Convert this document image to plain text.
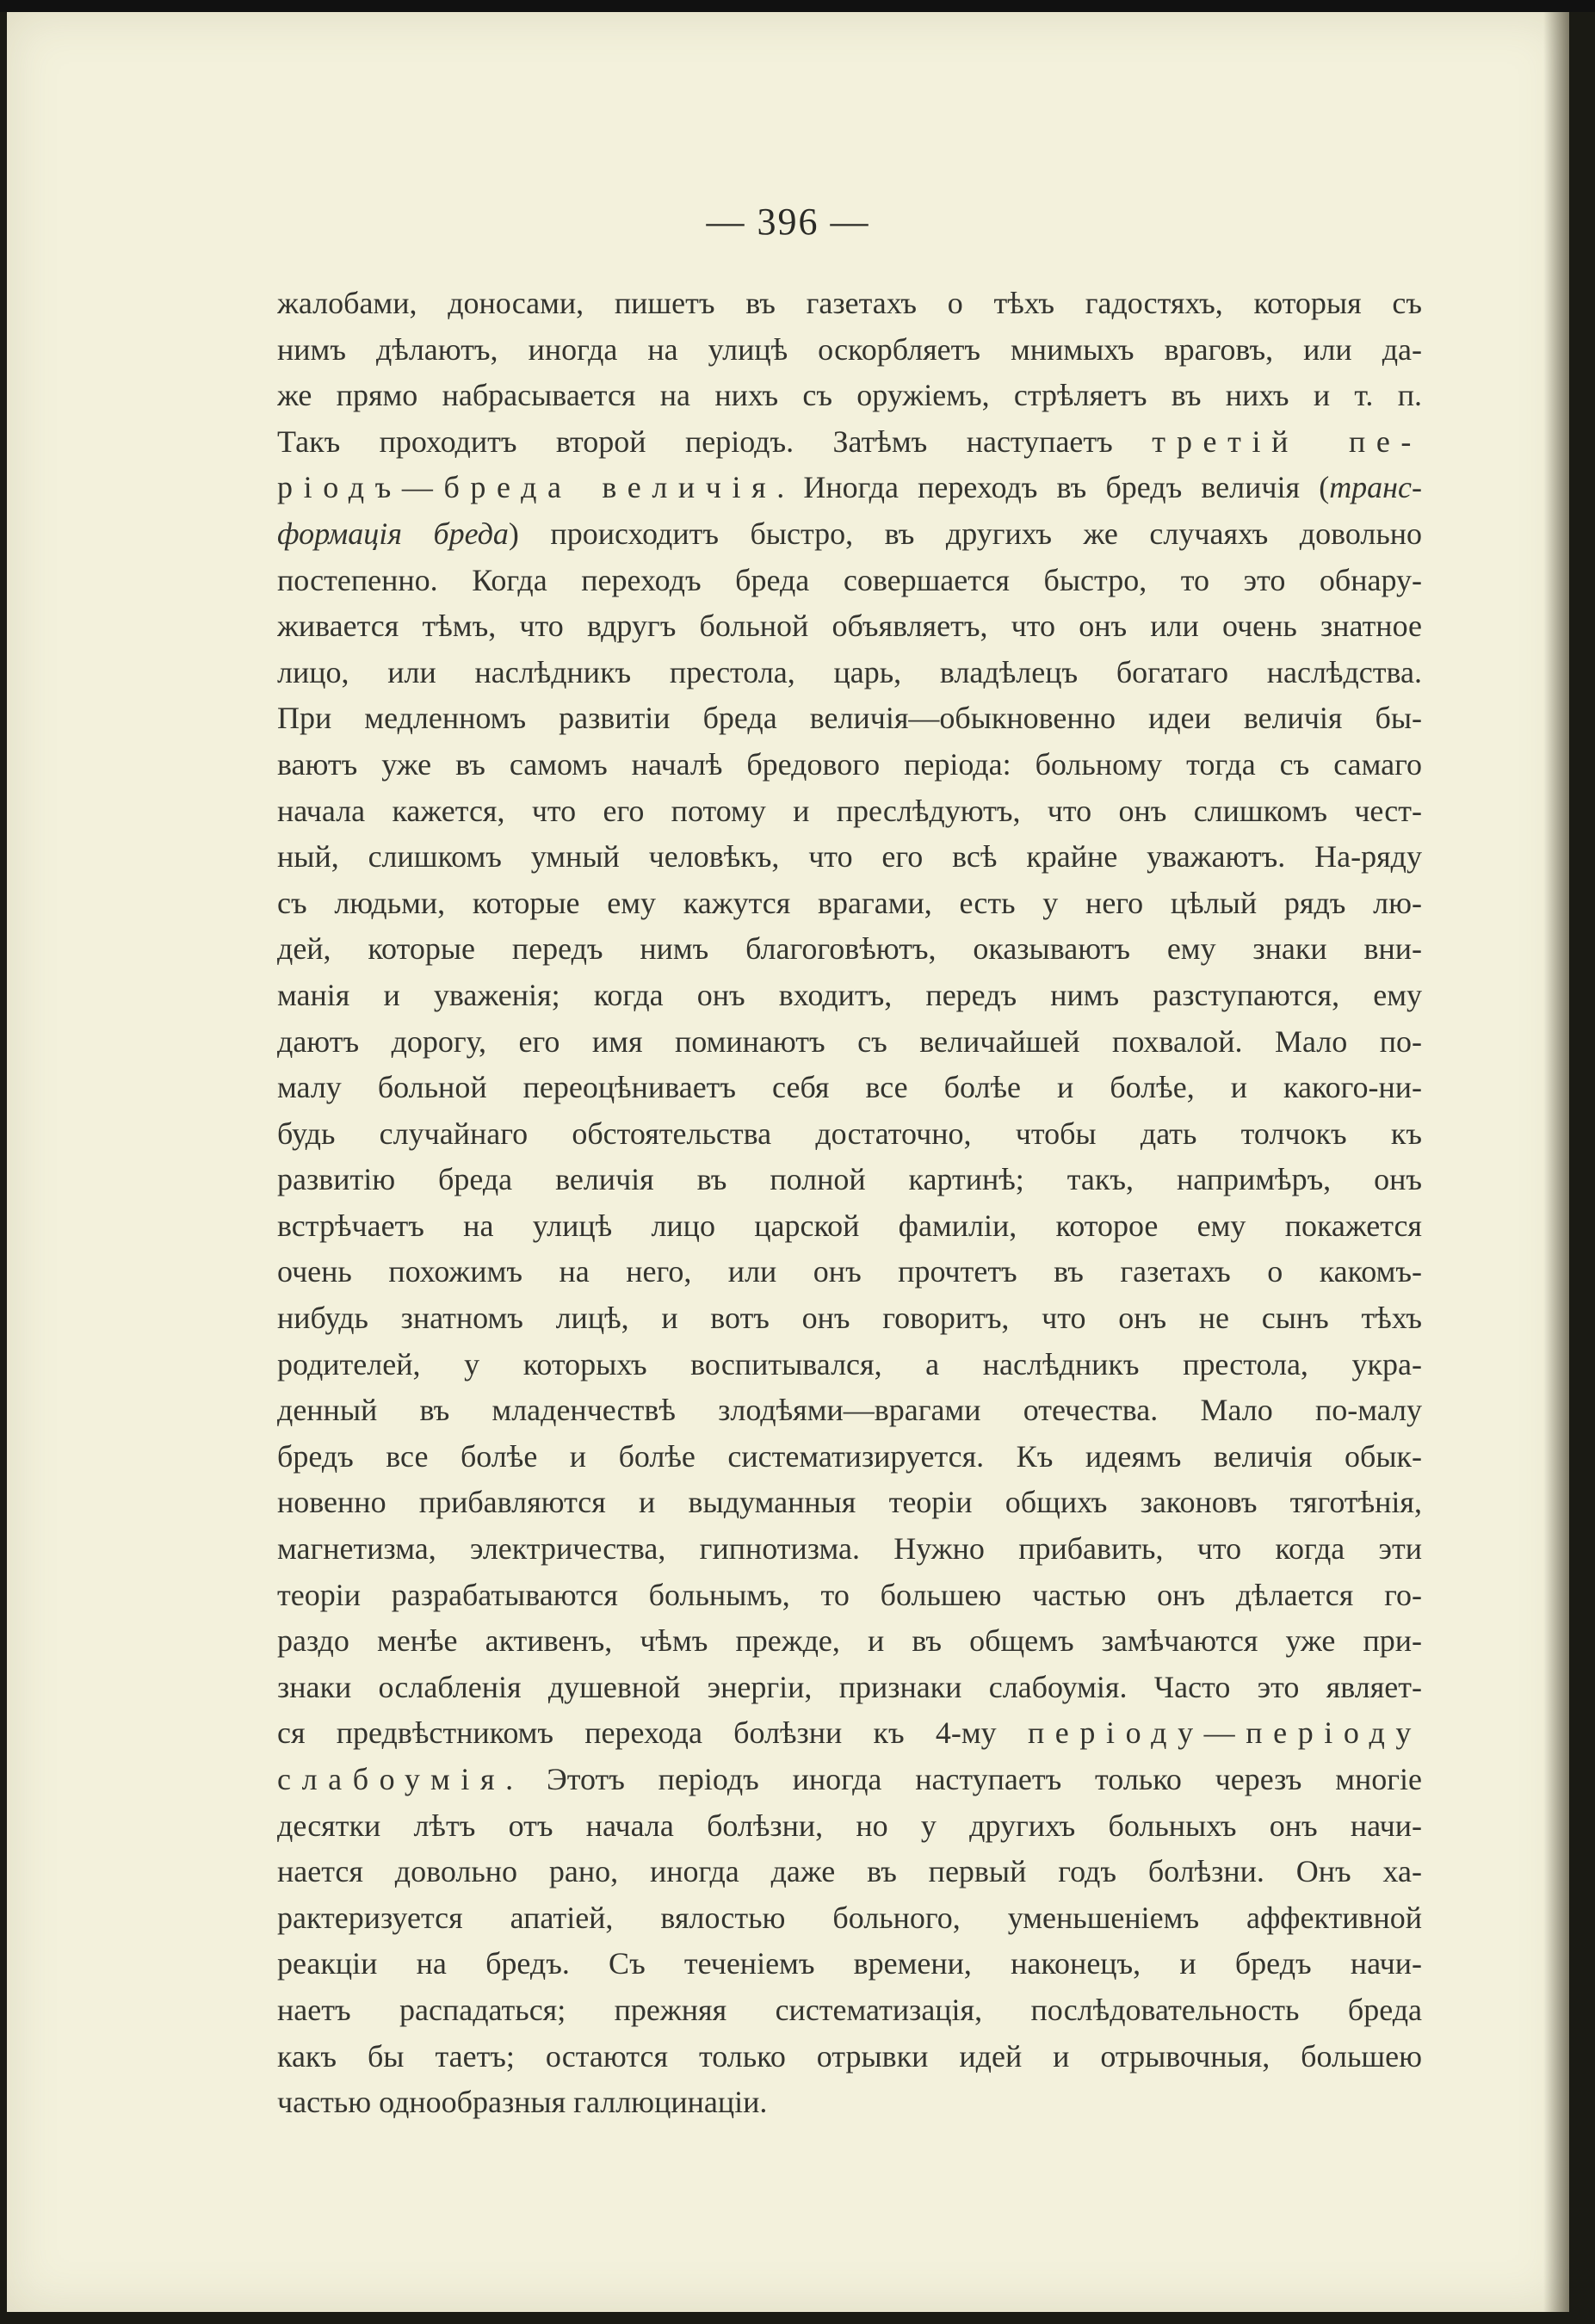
— 396 —
жалобами, доносами, пишетъ въ газетахъ о тѣхъ гадостяхъ, которыя съ
нимъ дѣлаютъ, иногда на улицѣ оскорбляетъ мнимыхъ враговъ, или да-
же прямо набрасывается на нихъ съ оружіемъ, стрѣляетъ въ нихъ и т. п.
Такъ проходитъ второй періодъ. Затѣмъ наступаетъ третій пе-
ріодъ—бреда величія. Иногда переходъ въ бредъ величія (транс-
формація бреда) происходитъ быстро, въ другихъ же случаяхъ довольно
постепенно. Когда переходъ бреда совершается быстро, то это обнару-
живается тѣмъ, что вдругъ больной объявляетъ, что онъ или очень знатное
лицо, или наслѣдникъ престола, царь, владѣлецъ богатаго наслѣдства.
При медленномъ развитіи бреда величія—обыкновенно идеи величія бы-
ваютъ уже въ самомъ началѣ бредового періода: больному тогда съ самаго
начала кажется, что его потому и преслѣдуютъ, что онъ слишкомъ чест-
ный, слишкомъ умный человѣкъ, что его всѣ крайне уважаютъ. На-ряду
съ людьми, которые ему кажутся врагами, есть у него цѣлый рядъ лю-
дей, которые передъ нимъ благоговѣютъ, оказываютъ ему знаки вни-
манія и уваженія; когда онъ входитъ, передъ нимъ разступаются, ему
даютъ дорогу, его имя поминаютъ съ величайшей похвалой. Мало по-
малу больной переоцѣниваетъ себя все болѣе и болѣе, и какого-ни-
будь случайнаго обстоятельства достаточно, чтобы дать толчокъ къ
развитію бреда величія въ полной картинѣ; такъ, напримѣръ, онъ
встрѣчаетъ на улицѣ лицо царской фамиліи, которое ему покажется
очень похожимъ на него, или онъ прочтетъ въ газетахъ о какомъ-
нибудь знатномъ лицѣ, и вотъ онъ говоритъ, что онъ не сынъ тѣхъ
родителей, у которыхъ воспитывался, а наслѣдникъ престола, укра-
денный въ младенчествѣ злодѣями—врагами отечества. Мало по-малу
бредъ все болѣе и болѣе систематизируется. Къ идеямъ величія обык-
новенно прибавляются и выдуманныя теоріи общихъ законовъ тяготѣнія,
магнетизма, электричества, гипнотизма. Нужно прибавить, что когда эти
теоріи разрабатываются больнымъ, то большею частью онъ дѣлается го-
раздо менѣе активенъ, чѣмъ прежде, и въ общемъ замѣчаются уже при-
знаки ослабленія душевной энергіи, признаки слабоумія. Часто это являет-
ся предвѣстникомъ перехода болѣзни къ 4-му періоду—періоду
слабоумія. Этотъ періодъ иногда наступаетъ только черезъ многіе
десятки лѣтъ отъ начала болѣзни, но у другихъ больныхъ онъ начи-
нается довольно рано, иногда даже въ первый годъ болѣзни. Онъ ха-
рактеризуется апатіей, вялостью больного, уменьшеніемъ аффективной
реакціи на бредъ. Съ теченіемъ времени, наконецъ, и бредъ начи-
наетъ распадаться; прежняя систематизація, послѣдовательность бреда
какъ бы таетъ; остаются только отрывки идей и отрывочныя, большею
частью однообразныя галлюцинаціи.
